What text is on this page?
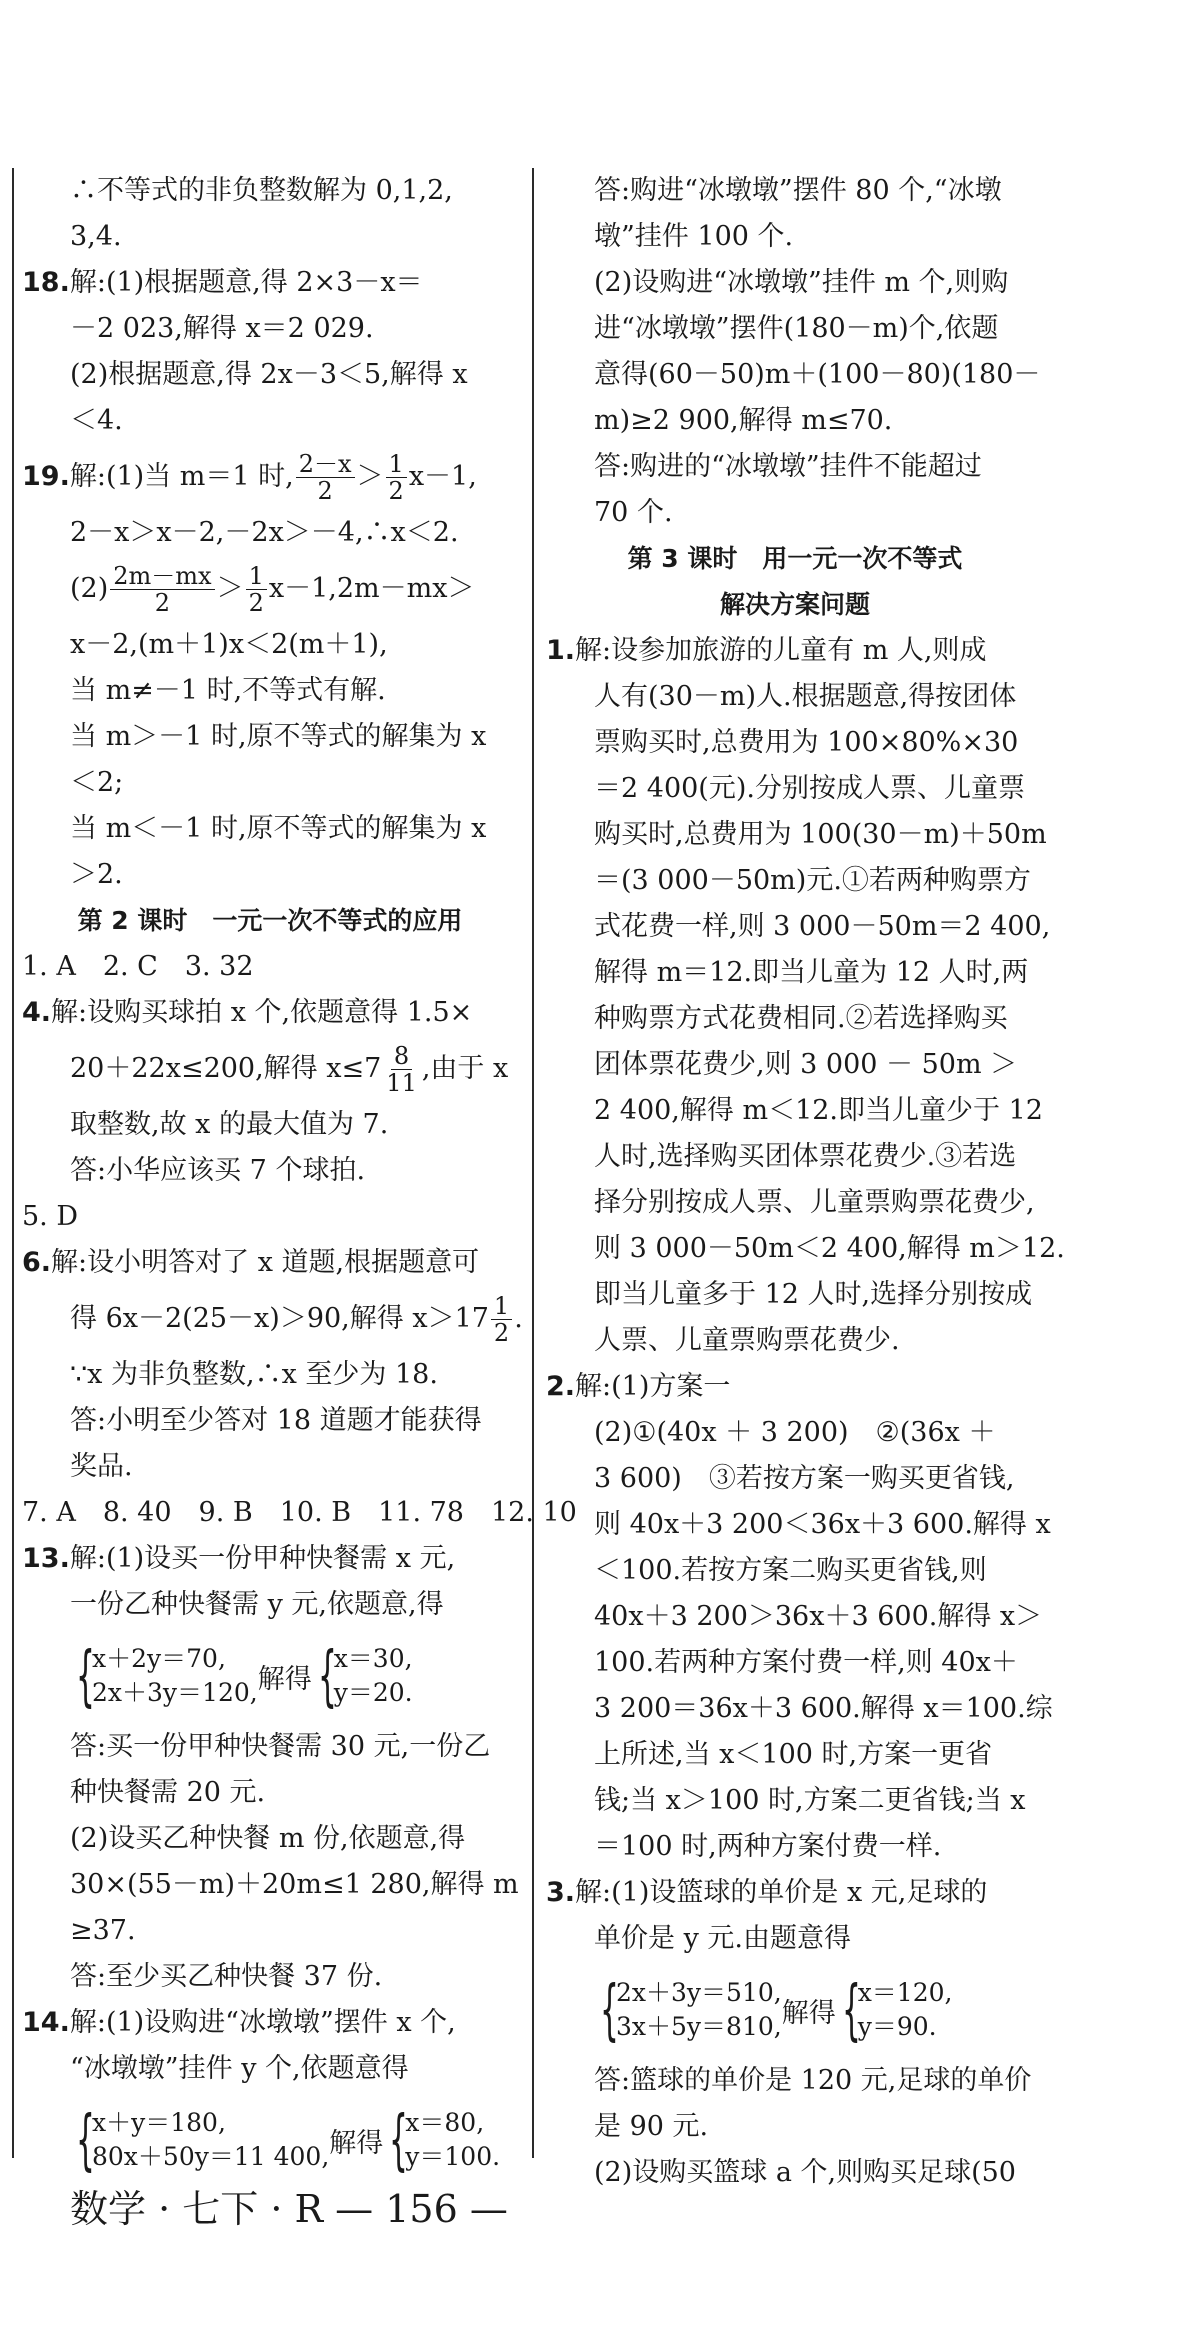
∴不等式的非负整数解为 0,1,2,
3,4.
18.解:(1)根据题意,得 2×3－x＝
－2 023,解得 x＝2 029.
(2)根据题意,得 2x－3＜5,解得 x
＜4.
19.解:(1)当 m＝1 时, $\frac{2-x}{2} > \frac{1}{2} x-1$,
2－x＞x－2,－2x＞－4,∴x＜2.
$(2) \frac{2m-mx}{2} > \frac{1}{2} x-1,2m-mx>$
x－2,(m＋1)x＜2(m＋1),
当 m≠－1 时,不等式有解.
当 m＞－1 时,原不等式的解集为 x
＜2;
当 m＜－1 时,原不等式的解集为 x
＞2.
第 2 课时　一元一次不等式的应用
1. A　2. C　3. 32
4.解:设购买球拍 x 个,依题意得 1.5×
20＋22x≤200,解得 $x\le 7 \frac{8}{11}$ ,由于 x
取整数,故 x 的最大值为 7.
答:小华应该买 7 个球拍.
5. D
6.解:设小明答对了 x 道题,根据题意可
得 6x－2(25－x)＞90,解得 $x>17 \frac{1}{2}$ .
∵x 为非负整数,∴x 至少为 18.
答:小明至少答对 18 道题才能获得
奖品.
7. A　8. 40　9. B　10. B　11. 78　12. 10
13.解:(1)设买一份甲种快餐需 x 元,
一份乙种快餐需 y 元,依题意,得
{
x＋2y＝70,
2x＋3y＝120, 解得 {
x＝30,
y＝20.
答:买一份甲种快餐需 30 元,一份乙
种快餐需 20 元.
(2)设买乙种快餐 m 份,依题意,得
30×(55－m)＋20m≤1 280,解得 m
≥37.
答:至少买乙种快餐 37 份.
14.解:(1)设购进“冰墩墩”摆件 x 个,
“冰墩墩”挂件 y 个,依题意得
{
x＋y＝180,
80x＋50y＝11 400, 解得 {
x＝80,
y＝100.
答:购进“冰墩墩”摆件 80 个,“冰墩
墩”挂件 100 个.
(2)设购进“冰墩墩”挂件 m 个,则购
进“冰墩墩”摆件(180－m)个,依题
意得(60－50)m＋(100－80)(180－
m)≥2 900,解得 m≤70.
答:购进的“冰墩墩”挂件不能超过
70 个.
第 3 课时　用一元一次不等式
解决方案问题
1.解:设参加旅游的儿童有 m 人,则成
人有(30－m)人.根据题意,得按团体
票购买时,总费用为 100×80%×30
＝2 400(元).分别按成人票、儿童票
购买时,总费用为 100(30－m)＋50m
＝(3 000－50m)元.①若两种购票方
式花费一样,则 3 000－50m＝2 400,
解得 m＝12.即当儿童为 12 人时,两
种购票方式花费相同.②若选择购买
团体票花费少,则 3 000 － 50m ＞
2 400,解得 m＜12.即当儿童少于 12
人时,选择购买团体票花费少.③若选
择分别按成人票、儿童票购票花费少,
则 3 000－50m＜2 400,解得 m＞12.
即当儿童多于 12 人时,选择分别按成
人票、儿童票购票花费少.
2.解:(1)方案一
(2)①(40x ＋ 3 200)　②(36x ＋
3 600)　③若按方案一购买更省钱,
则 40x＋3 200＜36x＋3 600.解得 x
＜100.若按方案二购买更省钱,则
40x＋3 200＞36x＋3 600.解得 x＞
100.若两种方案付费一样,则 40x＋
3 200＝36x＋3 600.解得 x＝100.综
上所述,当 x＜100 时,方案一更省
钱;当 x＞100 时,方案二更省钱;当 x
＝100 时,两种方案付费一样.
3.解:(1)设篮球的单价是 x 元,足球的
单价是 y 元.由题意得
{
2x＋3y＝510,
3x＋5y＝810, 解得 {
x＝120,
y＝90.
答:篮球的单价是 120 元,足球的单价
是 90 元.
(2)设购买篮球 a 个,则购买足球(50
数学 · 七下 · R — 156 —
